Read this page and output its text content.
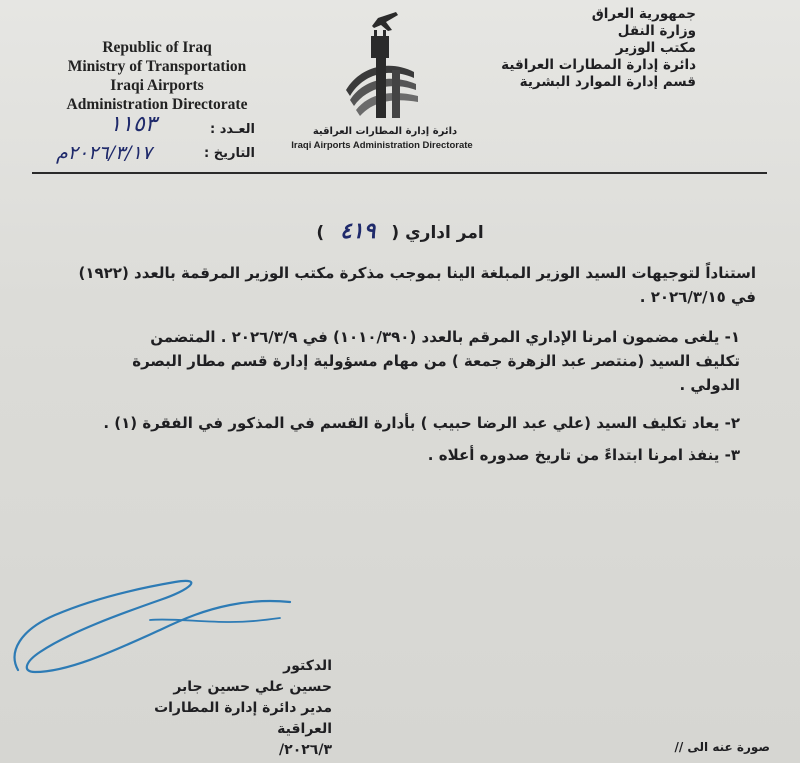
Republic of Iraq
Ministry of Transportation
Iraqi Airports
Administration Directorate
جمهورية العراق
وزارة النقل
مكتب الوزير
دائرة إدارة المطارات العراقية
قسم إدارة الموارد البشرية
دائرة إدارة المطارات العراقية
Iraqi Airports Administration Directorate
العـدد :
١١٥٣
التاريخ :
٢٠٢٦/٣/١٧م
امر اداري ( ٤١٩ )
استناداً لتوجيهات السيد الوزير المبلغة الينا بموجب مذكرة مكتب الوزير المرقمة بالعدد (١٩٢٢)
في ٢٠٢٦/٣/١٥ .
١- يلغى مضمون امرنا الإداري المرقم بالعدد (١٠١٠/٣٩٠) في ٢٠٢٦/٣/٩ . المتضمن
تكليف السيد (منتصر عبد الزهرة جمعة ) من مهام مسؤولية إدارة قسم مطار البصرة
الدولي .
٢- يعاد تكليف السيد (علي عبد الرضا حبيب ) بأدارة القسم في المذكور في الفقرة (١) .
٣- ينفذ امرنا ابتداءً من تاريخ صدوره أعلاه .
الدكتور
حسين علي حسين جابر
مدير دائرة إدارة المطارات العراقية
٢٠٢٦/٣/	صورة عنه الى //
